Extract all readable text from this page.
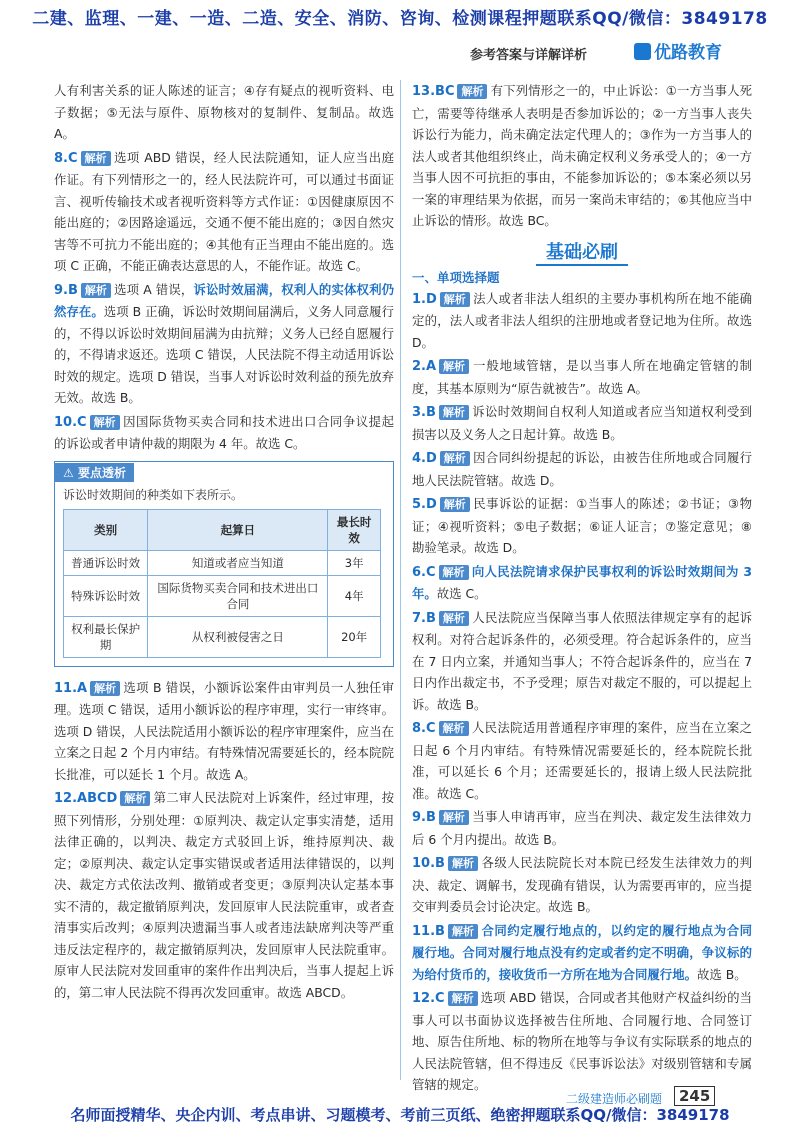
二建、监理、一建、一造、二造、安全、消防、咨询、检测课程押题联系QQ/微信：3849178
参考答案与详解详析	优路教育

人有利害关系的证人陈述的证言；④存有疑点的视听资料、电子数据；⑤无法与原件、原物核对的复制件、复制品。故选 A。

8.C 解析 选项 ABD 错误，经人民法院通知，证人应当出庭作证。有下列情形之一的，经人民法院许可，可以通过书面证言、视听传输技术或者视听资料等方式作证：①因健康原因不能出庭的；②因路途遥远，交通不便不能出庭的；③因自然灾害等不可抗力不能出庭的；④其他有正当理由不能出庭的。选项 C 正确，不能正确表达意思的人，不能作证。故选 C。

9.B 解析 选项 A 错误，诉讼时效届满，权利人的实体权利仍然存在。选项 B 正确，诉讼时效期间届满后，义务人同意履行的，不得以诉讼时效期间届满为由抗辩；义务人已经自愿履行的，不得请求返还。选项 C 错误，人民法院不得主动适用诉讼时效的规定。选项 D 错误，当事人对诉讼时效利益的预先放弃无效。故选 B。

10.C 解析 因国际货物买卖合同和技术进出口合同争议提起的诉讼或者申请仲裁的期限为 4 年。故选 C。

⚠ 要点透析
诉讼时效期间的种类如下表所示。
类别	起算日	最长时效
普通诉讼时效	知道或者应当知道	3年
特殊诉讼时效	国际货物买卖合同和技术进出口合同	4年
权利最长保护期	从权利被侵害之日	20年

11.A 解析 选项 B 错误，小额诉讼案件由审判员一人独任审理。选项 C 错误，适用小额诉讼的程序审理，实行一审终审。选项 D 错误，人民法院适用小额诉讼的程序审理案件，应当在立案之日起 2 个月内审结。有特殊情况需要延长的，经本院院长批准，可以延长 1 个月。故选 A。

12.ABCD 解析 第二审人民法院对上诉案件，经过审理，按照下列情形，分别处理：①原判决、裁定认定事实清楚，适用法律正确的，以判决、裁定方式驳回上诉，维持原判决、裁定；②原判决、裁定认定事实错误或者适用法律错误的，以判决、裁定方式依法改判、撤销或者变更；③原判决认定基本事实不清的，裁定撤销原判决，发回原审人民法院重审，或者查清事实后改判；④原判决遗漏当事人或者违法缺席判决等严重违反法定程序的，裁定撤销原判决，发回原审人民法院重审。原审人民法院对发回重审的案件作出判决后，当事人提起上诉的，第二审人民法院不得再次发回重审。故选 ABCD。

13.BC 解析 有下列情形之一的，中止诉讼：①一方当事人死亡，需要等待继承人表明是否参加诉讼的；②一方当事人丧失诉讼行为能力，尚未确定法定代理人的；③作为一方当事人的法人或者其他组织终止，尚未确定权利义务承受人的；④一方当事人因不可抗拒的事由，不能参加诉讼的；⑤本案必须以另一案的审理结果为依据，而另一案尚未审结的；⑥其他应当中止诉讼的情形。故选 BC。

基础必刷
一、单项选择题

1.D 解析 法人或者非法人组织的主要办事机构所在地不能确定的，法人或者非法人组织的注册地或者登记地为住所。故选 D。

2.A 解析 一般地域管辖，是以当事人所在地确定管辖的制度，其基本原则为“原告就被告”。故选 A。

3.B 解析 诉讼时效期间自权利人知道或者应当知道权利受到损害以及义务人之日起计算。故选 B。

4.D 解析 因合同纠纷提起的诉讼，由被告住所地或合同履行地人民法院管辖。故选 D。

5.D 解析 民事诉讼的证据：①当事人的陈述；②书证；③物证；④视听资料；⑤电子数据；⑥证人证言；⑦鉴定意见；⑧勘验笔录。故选 D。

6.C 解析 向人民法院请求保护民事权利的诉讼时效期间为 3 年。故选 C。

7.B 解析 人民法院应当保障当事人依照法律规定享有的起诉权利。对符合起诉条件的，必须受理。符合起诉条件的，应当在 7 日内立案，并通知当事人；不符合起诉条件的，应当在 7 日内作出裁定书，不予受理；原告对裁定不服的，可以提起上诉。故选 B。

8.C 解析 人民法院适用普通程序审理的案件，应当在立案之日起 6 个月内审结。有特殊情况需要延长的，经本院院长批准，可以延长 6 个月；还需要延长的，报请上级人民法院批准。故选 C。

9.B 解析 当事人申请再审，应当在判决、裁定发生法律效力后 6 个月内提出。故选 B。

10.B 解析 各级人民法院院长对本院已经发生法律效力的判决、裁定、调解书，发现确有错误，认为需要再审的，应当提交审判委员会讨论决定。故选 B。

11.B 解析 合同约定履行地点的，以约定的履行地点为合同履行地。合同对履行地点没有约定或者约定不明确，争议标的为给付货币的，接收货币一方所在地为合同履行地。故选 B。

12.C 解析 选项 ABD 错误，合同或者其他财产权益纠纷的当事人可以书面协议选择被告住所地、合同履行地、合同签订地、原告住所地、标的物所在地等与争议有实际联系的地点的人民法院管辖，但不得违反《民事诉讼法》对级别管辖和专属管辖的规定。

二级建造师必刷题	245
名师面授精华、央企内训、考点串讲、习题模考、考前三页纸、绝密押题联系QQ/微信：3849178
